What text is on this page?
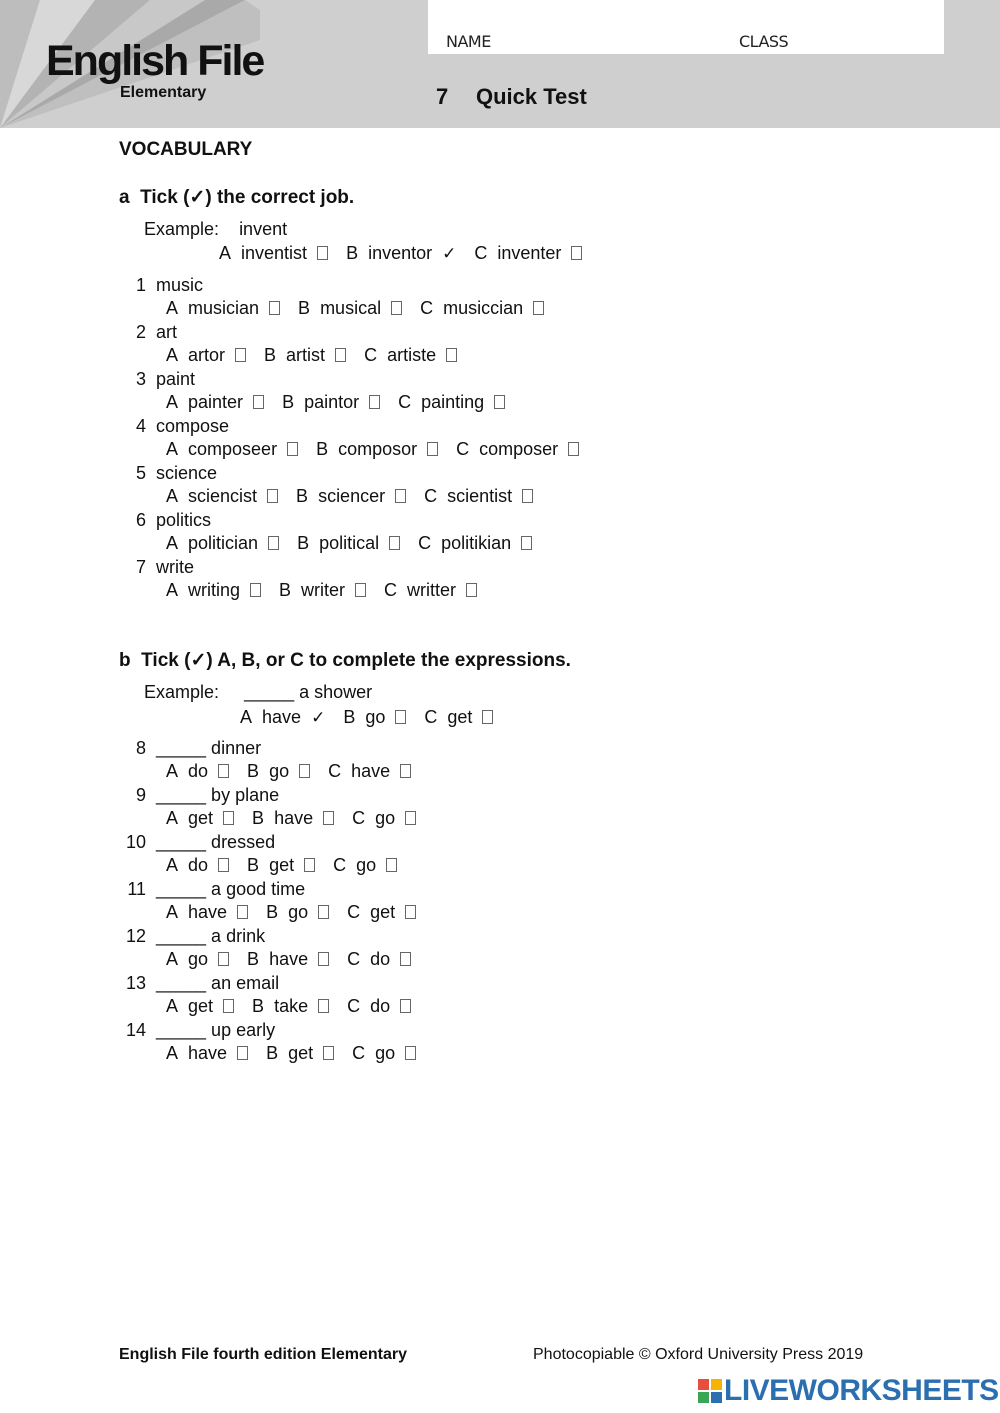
English File
Elementary
NAME	CLASS
7 Quick Test
VOCABULARY
a Tick (✓) the correct job.
Example: invent
A inventist B inventor ✓ C inventer
1 music
A musician B musical C musiccian
2 art
A artor B artist C artiste
3 paint
A painter B paintor C painting
4 compose
A composeer B composor C composer
5 science
A sciencist B sciencer C scientist
6 politics
A politician B political C politikian
7 write
A writing B writer C writter
b Tick (✓) A, B, or C to complete the expressions.
Example: _____ a shower
A have ✓ B go C get
8 _____ dinner
A do B go C have
9 _____ by plane
A get B have C go
10 _____ dressed
A do B get C go
11 _____ a good time
A have B go C get
12 _____ a drink
A go B have C do
13 _____ an email
A get B take C do
14 _____ up early
A have B get C go
English File fourth edition Elementary	Photocopiable © Oxford University Press 2019
LIVEWORKSHEETS
